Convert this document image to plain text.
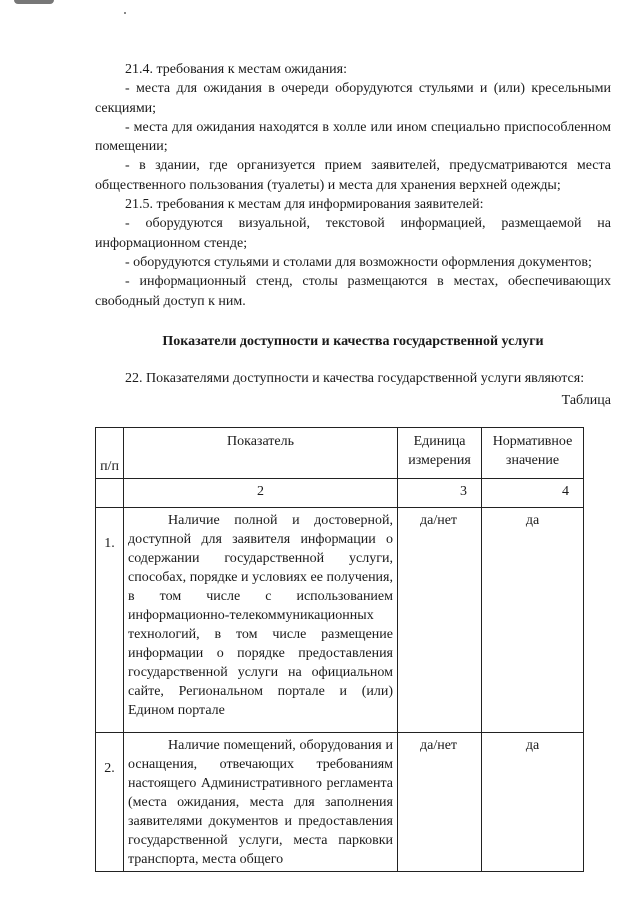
21.4. требования к местам ожидания:

- места для ожидания в очереди оборудуются стульями и (или) кресельными секциями;

- места для ожидания находятся в холле или ином специально приспособленном помещении;

- в здании, где организуется прием заявителей, предусматриваются места общественного пользования (туалеты) и места для хранения верхней одежды;

21.5. требования к местам для информирования заявителей:

- оборудуются визуальной, текстовой информацией, размещаемой на информационном стенде;

- оборудуются стульями и столами для возможности оформления документов;

- информационный стенд, столы размещаются в местах, обеспечивающих свободный доступ к ним.

Показатели доступности и качества государственной услуги

22. Показателями доступности и качества государственной услуги являются:

Таблица

п/п	Показатель	Единица измерения	Нормативное значение
	2	3	4
1.	Наличие полной и достоверной, доступной для заявителя информации о содержании государственной услуги, способах, порядке и условиях ее получения, в том числе с использованием информационно-телекоммуникационных технологий, в том числе размещение информации о порядке предоставления государственной услуги на официальном сайте, Региональном портале и (или) Едином портале	да/нет	да
2.	Наличие помещений, оборудования и оснащения, отвечающих требованиям настоящего Административного регламента (места ожидания, места для заполнения заявителями документов и предоставления государственной услуги, места парковки транспорта, места общего	да/нет	да
